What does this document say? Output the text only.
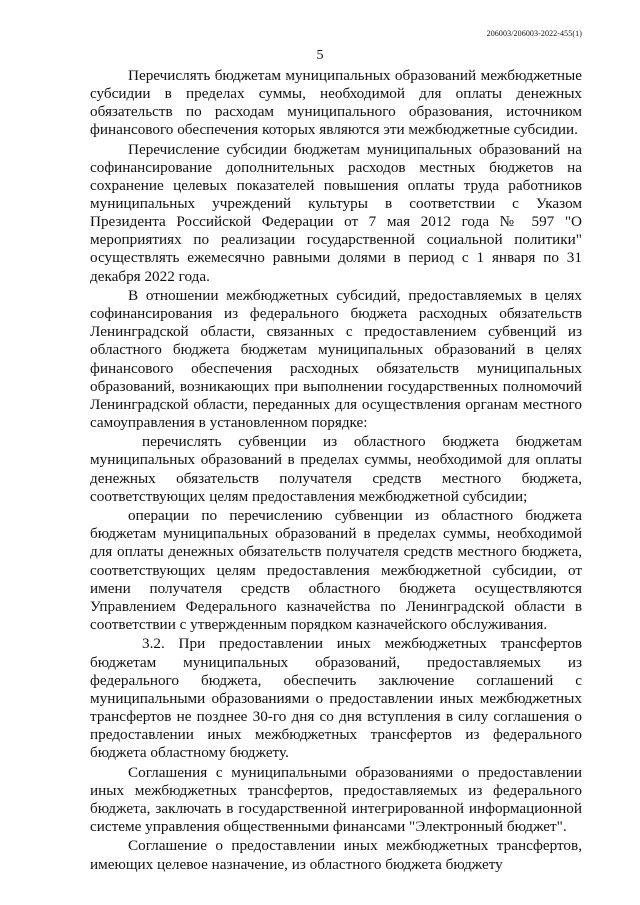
206003/206003-2022-455(1)
5

Перечислять бюджетам муниципальных образований межбюджетные субсидии в пределах суммы, необходимой для оплаты денежных обязательств по расходам муниципального образования, источником финансового обеспечения которых являются эти межбюджетные субсидии.

Перечисление субсидии бюджетам муниципальных образований на софинансирование дополнительных расходов местных бюджетов на сохранение целевых показателей повышения оплаты труда работников муниципальных учреждений культуры в соответствии с Указом Президента Российской Федерации от 7 мая 2012 года № 597 "О мероприятиях по реализации государственной социальной политики" осуществлять ежемесячно равными долями в период с 1 января по 31 декабря 2022 года.

В отношении межбюджетных субсидий, предоставляемых в целях софинансирования из федерального бюджета расходных обязательств Ленинградской области, связанных с предоставлением субвенций из областного бюджета бюджетам муниципальных образований в целях финансового обеспечения расходных обязательств муниципальных образований, возникающих при выполнении государственных полномочий Ленинградской области, переданных для осуществления органам местного самоуправления в установленном порядке:

перечислять субвенции из областного бюджета бюджетам муниципальных образований в пределах суммы, необходимой для оплаты денежных обязательств получателя средств местного бюджета, соответствующих целям предоставления межбюджетной субсидии;

операции по перечислению субвенции из областного бюджета бюджетам муниципальных образований в пределах суммы, необходимой для оплаты денежных обязательств получателя средств местного бюджета, соответствующих целям предоставления межбюджетной субсидии, от имени получателя средств областного бюджета осуществляются Управлением Федерального казначейства по Ленинградской области в соответствии с утвержденным порядком казначейского обслуживания.

3.2. При предоставлении иных межбюджетных трансфертов бюджетам муниципальных образований, предоставляемых из федерального бюджета, обеспечить заключение соглашений с муниципальными образованиями о предоставлении иных межбюджетных трансфертов не позднее 30-го дня со дня вступления в силу соглашения о предоставлении иных межбюджетных трансфертов из федерального бюджета областному бюджету.

Соглашения с муниципальными образованиями о предоставлении иных межбюджетных трансфертов, предоставляемых из федерального бюджета, заключать в государственной интегрированной информационной системе управления общественными финансами "Электронный бюджет".

Соглашение о предоставлении иных межбюджетных трансфертов, имеющих целевое назначение, из областного бюджета бюджету
